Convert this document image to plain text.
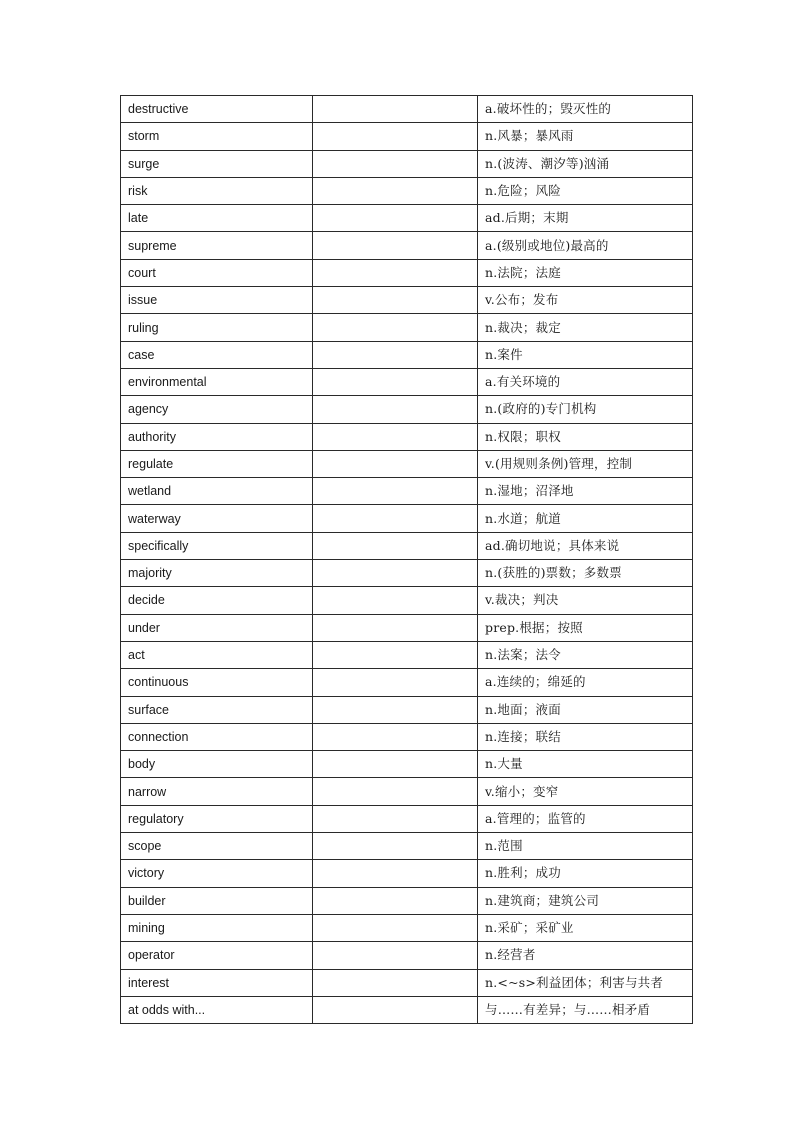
destructive		a.破坏性的；毁灭性的
storm		n.风暴；暴风雨
surge		n.(波涛、潮汐等)汹涌
risk		n.危险；风险
late		ad.后期；末期
supreme		a.(级别或地位)最高的
court		n.法院；法庭
issue		v.公布；发布
ruling		n.裁决；裁定
case		n.案件
environmental		a.有关环境的
agency		n.(政府的)专门机构
authority		n.权限；职权
regulate		v.(用规则条例)管理，控制
wetland		n.湿地；沼泽地
waterway		n.水道；航道
specifically		ad.确切地说；具体来说
majority		n.(获胜的)票数；多数票
decide		v.裁决；判决
under		prep.根据；按照
act		n.法案；法令
continuous		a.连续的；绵延的
surface		n.地面；液面
connection		n.连接；联结
body		n.大量
narrow		v.缩小；变窄
regulatory		a.管理的；监管的
scope		n.范围
victory		n.胜利；成功
builder		n.建筑商；建筑公司
mining		n.采矿；采矿业
operator		n.经营者
interest		n.<~s>利益团体；利害与共者
at odds with...		与……有差异；与……相矛盾
